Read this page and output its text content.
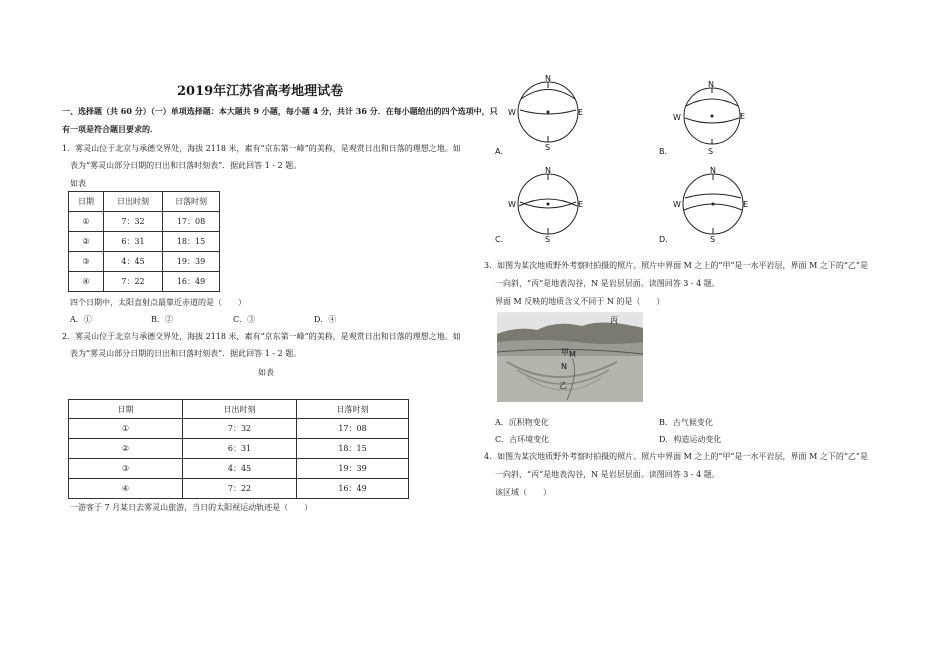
2019年江苏省高考地理试卷
一、选择题（共 60 分）（一）单项选择题：本大题共 9 小题，每小题 4 分，共计 36 分．在每小题给出的四个选项中，只
有一项是符合题目要求的．
1．雾灵山位于北京与承德交界处，海拔 2118 米，素有“京东第一峰”的美称，是观赏日出和日落的理想之地。如
表为“雾灵山部分日期的日出和日落时刻表”．据此回答 1 - 2 题。
如表
日期	日出时刻	日落时刻
①	7：32	17：08
②	6：31	18：15
③	4：45	19：39
④	7：22	16：49
四个日期中，太阳直射点最靠近赤道的是（　　）
A．①	B．②	C．③	D．④
2．雾灵山位于北京与承德交界处，海拔 2118 米，素有“京东第一峰”的美称，是观赏日出和日落的理想之地。如
表为“雾灵山部分日期的日出和日落时刻表”．据此回答 1 - 2 题。
如表
日期	日出时刻	日落时刻
①	7：32	17：08
②	6：31	18：15
③	4：45	19：39
④	7：22	16：49
一游客于 7 月某日去雾灵山旅游，当日的太阳视运动轨迹是（　　）
N
S
W	E
A．
N
S
W	E
B．
N
S
W	E
C．
N
S
W	E
D．
3．如图为某次地质野外考察时拍摄的照片。照片中界面 M 之上的“甲”是一水平岩层，界面 M 之下的“乙”是
一向斜，“丙”是地表沟谷，N 是岩层层面。读图回答 3 - 4 题。
界面 M 反映的地质含义不同于 N 的是（　　）
丙
甲 M
N
乙
A．沉积物变化	B．古气候变化
C．古环境变化	D．构造运动变化
4．如图为某次地质野外考察时拍摄的照片。照片中界面 M 之上的“甲”是一水平岩层，界面 M 之下的“乙”是
一向斜，“丙”是地表沟谷，N 是岩层层面。读图回答 3 - 4 题。
该区域（　　）
